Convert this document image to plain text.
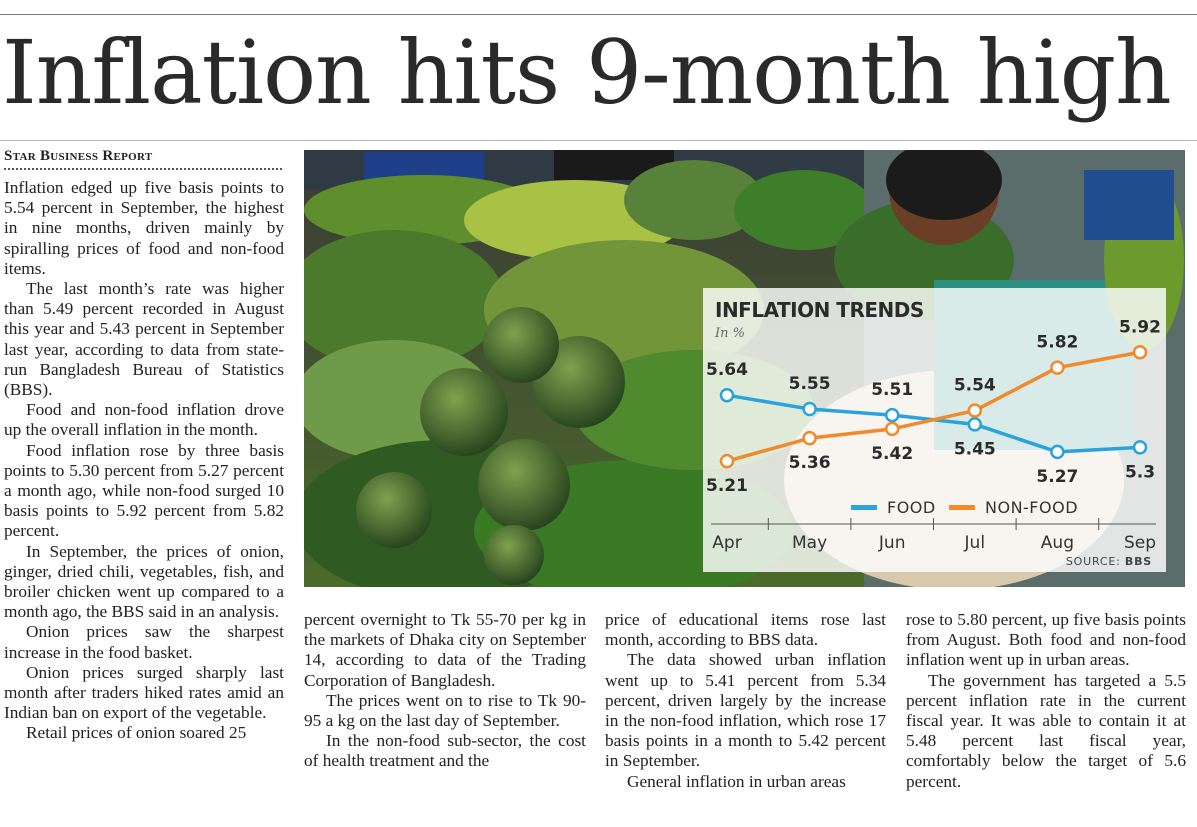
Inflation hits 9-month high
Star Business Report

Inflation edged up five basis points to 5.54 percent in September, the highest in nine months, driven mainly by spiralling prices of food and non-food items.

The last month’s rate was higher than 5.49 percent recorded in August this year and 5.43 percent in September last year, according to data from state-run Bangladesh Bureau of Statistics (BBS).

Food and non-food inflation drove up the overall inflation in the month.

Food inflation rose by three basis points to 5.30 percent from 5.27 percent a month ago, while non-food surged 10 basis points to 5.92 percent from 5.82 percent.

In September, the prices of onion, ginger, dried chili, vegetables, fish, and broiler chicken went up compared to a month ago, the BBS said in an analysis.

Onion prices saw the sharpest increase in the food basket.

Onion prices surged sharply last month after traders hiked rates amid an Indian ban on export of the vegetable.

Retail prices of onion soared 25

INFLATION TRENDS
In %
Apr	May	Jun	Jul	Aug	Sep
5.64
5.55 5.51
5.45
5.27	5.3
5.21
5.36 5.42
5.54
5.82
5.92
FOOD	NON-FOOD
SOURCE: BBS

percent overnight to Tk 55-70 per kg in the markets of Dhaka city on September 14, according to data of the Trading Corporation of Bangladesh.

The prices went on to rise to Tk 90-95 a kg on the last day of September.

In the non-food sub-sector, the cost of health treatment and the

price of educational items rose last month, according to BBS data.

The data showed urban inflation went up to 5.41 percent from 5.34 percent, driven largely by the increase in the non-food inflation, which rose 17 basis points in a month to 5.42 percent in September.

General inflation in urban areas

rose to 5.80 percent, up five basis points from August. Both food and non-food inflation went up in urban areas.

The government has targeted a 5.5 percent inflation rate in the current fiscal year. It was able to contain it at 5.48 percent last fiscal year, comfortably below the target of 5.6 percent.
